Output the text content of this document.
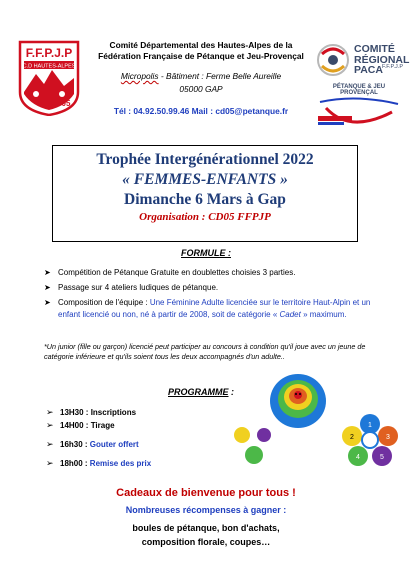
F.F.P.J.P
C.D HAUTES-ALPES
05
Comité Départemental des Hautes-Alpes de la
Fédération Française de Pétanque et Jeu-Provençal
Micropolis - Bâtiment : Ferme Belle Aureille
05000 GAP
Tél : 04.92.50.99.46 Mail : cd05@petanque.fr
COMITÉ
RÉGIONAL
PACA F.F.P.J.P
PÉTANQUE & JEU PROVENÇAL
Trophée Intergénérationnel 2022
« FEMMES-ENFANTS »
Dimanche 6 Mars à Gap
Organisation : CD05 FFPJP
FORMULE :
➤ Compétition de Pétanque Gratuite en doublettes choisies 3 parties.
➤ Passage sur 4 ateliers ludiques de pétanque.
➤ Composition de l'équipe : Une Féminine Adulte licenciée sur le territoire Haut-Alpin et un enfant licencié ou non, né à partir de 2008, soit de catégorie « Cadet » maximum.
*Un junior (fille ou garçon) licencié peut participer au concours à condition qu'il joue avec un jeune de catégorie inférieure et qu'ils soient tous les deux accompagnés d'un adulte..
PROGRAMME :
➢ 13H30 : Inscriptions
➢ 14H00 : Tirage
➢ 16h30 : Gouter offert
➢ 18h00 : Remise des prix
1
2	3
4	5
Cadeaux de bienvenue pour tous !
Nombreuses récompenses à gagner :
boules de pétanque, bon d'achats,
composition florale, coupes…
